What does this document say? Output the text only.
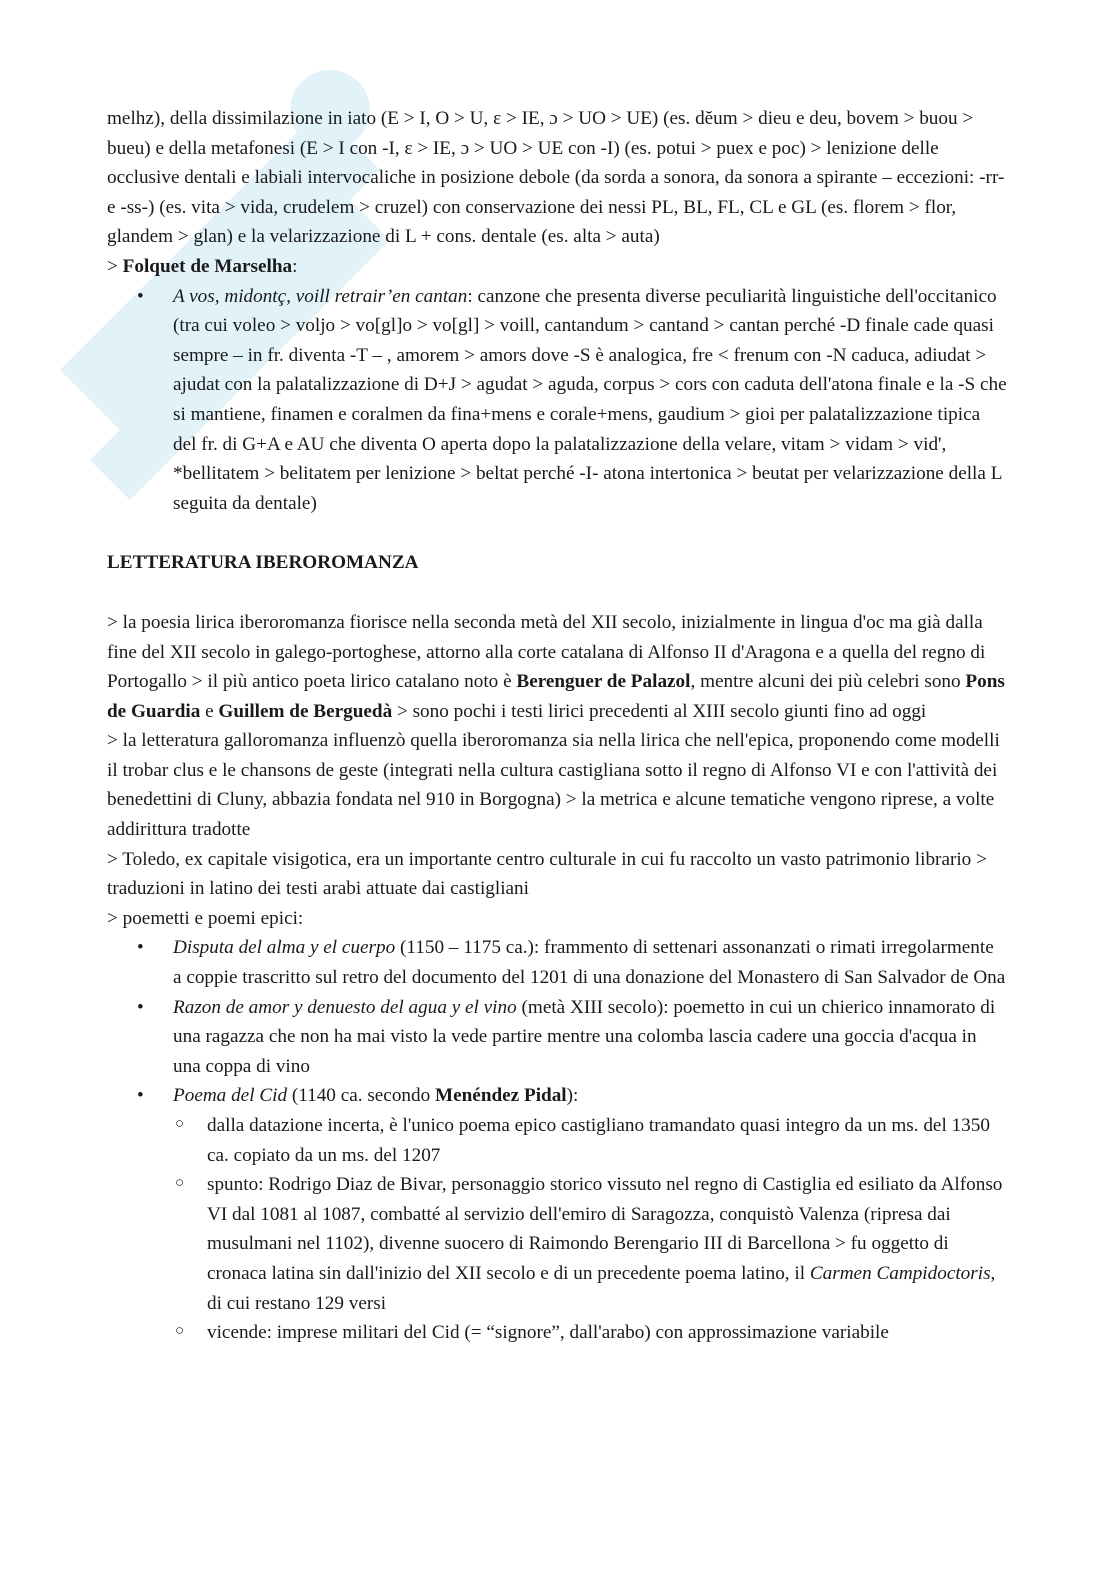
melhz), della dissimilazione in iato (E > I, O > U, ε > IE, ɔ > UO > UE) (es. dĕum > dieu e deu, bovem > buou > bueu) e della metafonesi (E > I con -I, ε > IE, ɔ > UO > UE con -I) (es. potui > puex e poc) > lenizione delle occlusive dentali e labiali intervocaliche in posizione debole (da sorda a sonora, da sonora a spirante – eccezioni: -rr- e -ss-) (es. vita > vida, crudelem > cruzel) con conservazione dei nessi PL, BL, FL, CL e GL (es. florem > flor, glandem > glan) e la velarizzazione di L + cons. dentale (es. alta > auta)

> Folquet de Marselha:

• A vos, midontç, voill retrair’en cantan: canzone che presenta diverse peculiarità linguistiche dell'occitanico (tra cui voleo > voljo > vo[gl]o > vo[gl] > voill, cantandum > cantand > cantan perché -D finale cade quasi sempre – in fr. diventa -T – , amorem > amors dove -S è analogica, fre < frenum con -N caduca, adiudat > ajudat con la palatalizzazione di D+J > agudat > aguda, corpus > cors con caduta dell'atona finale e la -S che si mantiene, finamen e coralmen da fina+mens e corale+mens, gaudium > gioi per palatalizzazione tipica del fr. di G+A e AU che diventa O aperta dopo la palatalizzazione della velare, vitam > vidam > vid', *bellitatem > belitatem per lenizione > beltat perché -I- atona intertonica > beutat per velarizzazione della L seguita da dentale)

LETTERATURA IBEROROMANZA

> la poesia lirica iberoromanza fiorisce nella seconda metà del XII secolo, inizialmente in lingua d'oc ma già dalla fine del XII secolo in galego-portoghese, attorno alla corte catalana di Alfonso II d'Aragona e a quella del regno di Portogallo > il più antico poeta lirico catalano noto è Berenguer de Palazol, mentre alcuni dei più celebri sono Pons de Guardia e Guillem de Berguedà > sono pochi i testi lirici precedenti al XIII secolo giunti fino ad oggi

> la letteratura galloromanza influenzò quella iberoromanza sia nella lirica che nell'epica, proponendo come modelli il trobar clus e le chansons de geste (integrati nella cultura castigliana sotto il regno di Alfonso VI e con l'attività dei benedettini di Cluny, abbazia fondata nel 910 in Borgogna) > la metrica e alcune tematiche vengono riprese, a volte addirittura tradotte

> Toledo, ex capitale visigotica, era un importante centro culturale in cui fu raccolto un vasto patrimonio librario > traduzioni in latino dei testi arabi attuate dai castigliani

> poemetti e poemi epici:

• Disputa del alma y el cuerpo (1150 – 1175 ca.): frammento di settenari assonanzati o rimati irregolarmente a coppie trascritto sul retro del documento del 1201 di una donazione del Monastero di San Salvador de Ona
• Razon de amor y denuesto del agua y el vino (metà XIII secolo): poemetto in cui un chierico innamorato di una ragazza che non ha mai visto la vede partire mentre una colomba lascia cadere una goccia d'acqua in una coppa di vino
• Poema del Cid (1140 ca. secondo Menéndez Pidal):
○ dalla datazione incerta, è l'unico poema epico castigliano tramandato quasi integro da un ms. del 1350 ca. copiato da un ms. del 1207
○ spunto: Rodrigo Diaz de Bivar, personaggio storico vissuto nel regno di Castiglia ed esiliato da Alfonso VI dal 1081 al 1087, combatté al servizio dell'emiro di Saragozza, conquistò Valenza (ripresa dai musulmani nel 1102), divenne suocero di Raimondo Berengario III di Barcellona > fu oggetto di cronaca latina sin dall'inizio del XII secolo e di un precedente poema latino, il Carmen Campidoctoris, di cui restano 129 versi
○ vicende: imprese militari del Cid (= “signore”, dall'arabo) con approssimazione variabile
